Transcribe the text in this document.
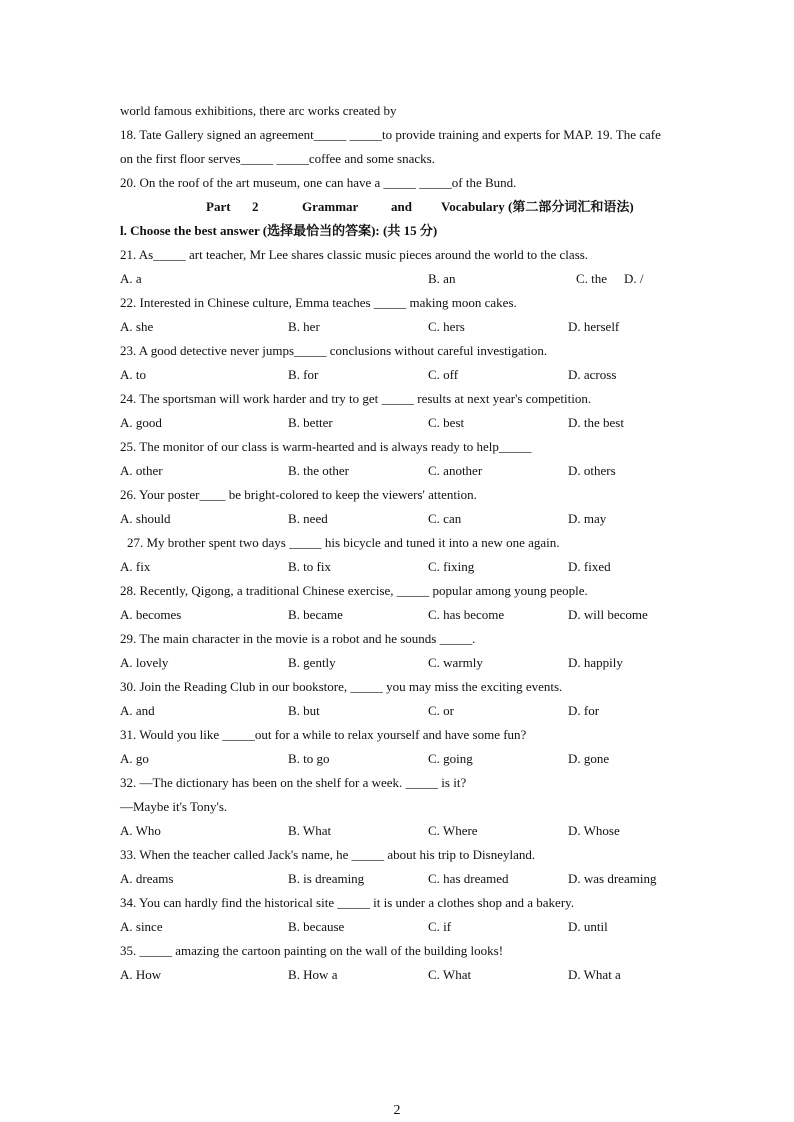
world famous exhibitions, there arc works created by
18. Tate Gallery signed an agreement_____ _____to provide training and experts for MAP. 19. The cafe
on the first floor serves_____ _____coffee and some snacks.
20. On the roof of the art museum, one can have a _____ _____of the Bund.
Part 2	Grammar	and Vocabulary (第二部分词汇和语法)
l. Choose the best answer (选择最恰当的答案): (共 15 分)
21. As_____ art teacher, Mr Lee shares classic music pieces around the world to the class.
A. a	B. an	C. the D. /
22. Interested in Chinese culture, Emma teaches _____ making moon cakes.
A. she	B. her	C. hers	D. herself
23. A good detective never jumps_____ conclusions without careful investigation.
A. to	B. for	C. off	D. across
24. The sportsman will work harder and try to get _____ results at next year's competition.
A. good	B. better	C. best	D. the best
25. The monitor of our class is warm-hearted and is always ready to help_____
A. other	B. the other	C. another	D. others
26. Your poster____ be bright-colored to keep the viewers' attention.
A. should	B. need	C. can	D. may
27. My brother spent two days _____ his bicycle and tuned it into a new one again.
A. fix	B. to fix	C. fixing	D. fixed
28. Recently, Qigong, a traditional Chinese exercise, _____ popular among young people.
A. becomes	B. became	C. has become	D. will become
29. The main character in the movie is a robot and he sounds _____.
A. lovely	B. gently	C. warmly	D. happily
30. Join the Reading Club in our bookstore, _____ you may miss the exciting events.
A. and	B. but	C. or	D. for
31. Would you like _____out for a while to relax yourself and have some fun?
A. go	B. to go	C. going	D. gone
32. —The dictionary has been on the shelf for a week. _____ is it?
—Maybe it's Tony's.
A. Who	B. What	C. Where	D. Whose
33. When the teacher called Jack's name, he _____ about his trip to Disneyland.
A. dreams	B. is dreaming	C. has dreamed	D. was dreaming
34. You can hardly find the historical site _____ it is under a clothes shop and a bakery.
A. since	B. because	C. if	D. until
35. _____ amazing the cartoon painting on the wall of the building looks!
A. How	B. How a	C. What	D. What a
2
